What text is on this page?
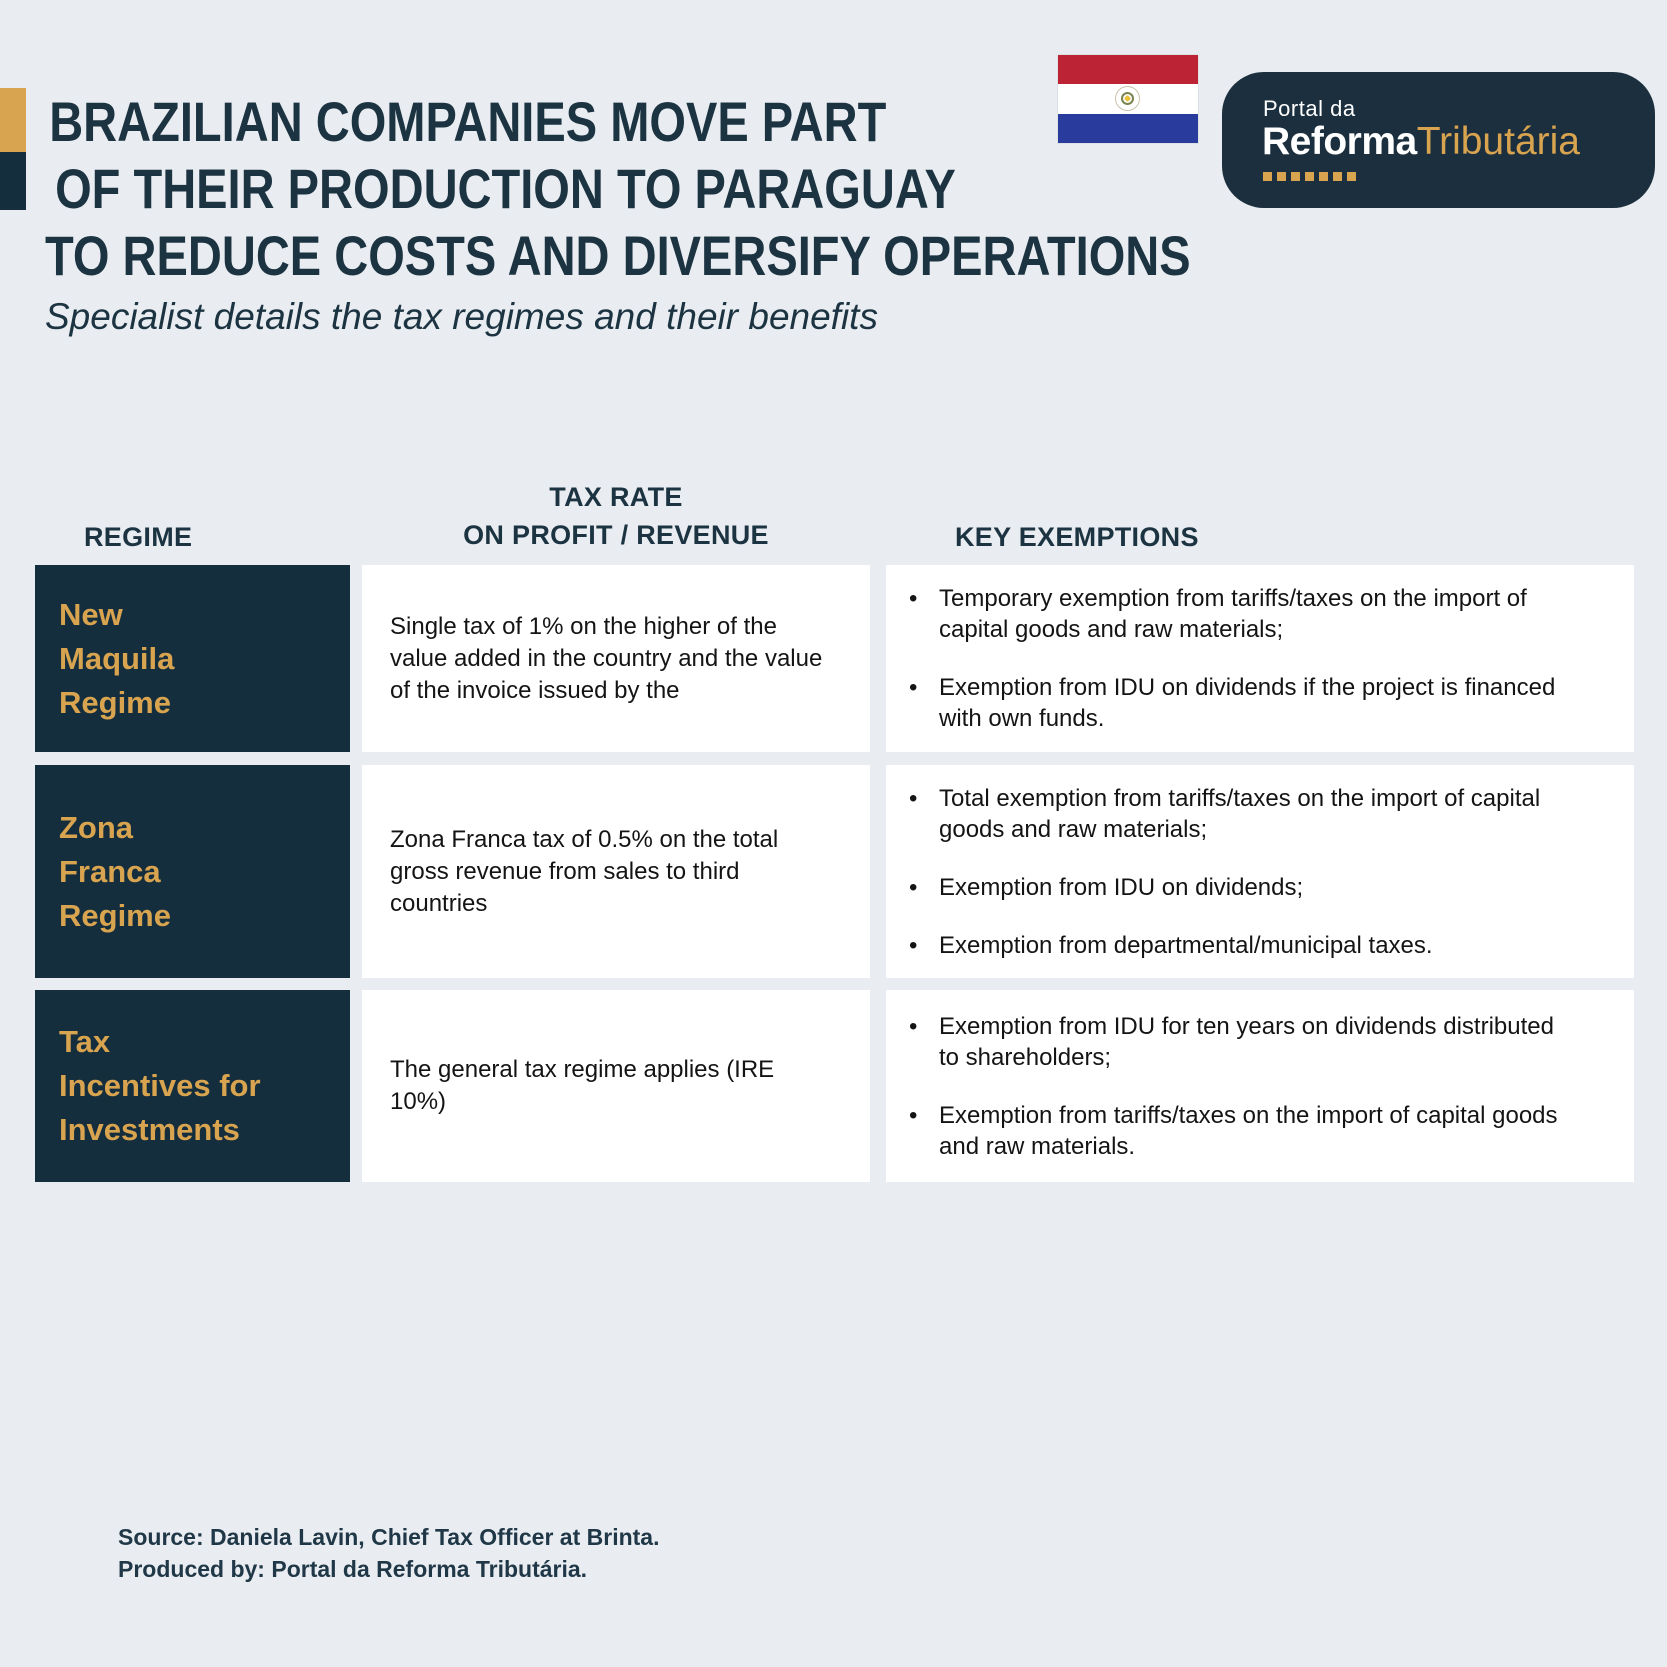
Portal da
ReformaTributária
BRAZILIAN COMPANIES MOVE PART
OF THEIR PRODUCTION TO PARAGUAY
TO REDUCE COSTS AND DIVERSIFY OPERATIONS
Specialist details the tax regimes and their benefits
REGIME
TAX RATE
ON PROFIT / REVENUE	KEY EXEMPTIONS
New
Maquila
Regime
Single tax of 1% on the higher of the value added in the country and the value of the invoice issued by the
• Temporary exemption from tariffs/taxes on the import of capital goods and raw materials;
• Exemption from IDU on dividends if the project is financed with own funds.
Zona
Franca
Regime
Zona Franca tax of 0.5% on the total gross revenue from sales to third countries
• Total exemption from tariffs/taxes on the import of capital goods and raw materials;
• Exemption from IDU on dividends;
• Exemption from departmental/municipal taxes.
Tax
Incentives for
Investments
The general tax regime applies (IRE 10%)
• Exemption from IDU for ten years on dividends distributed to shareholders;
• Exemption from tariffs/taxes on the import of capital goods and raw materials.
Source: Daniela Lavin, Chief Tax Officer at Brinta.
Produced by: Portal da Reforma Tributária.
